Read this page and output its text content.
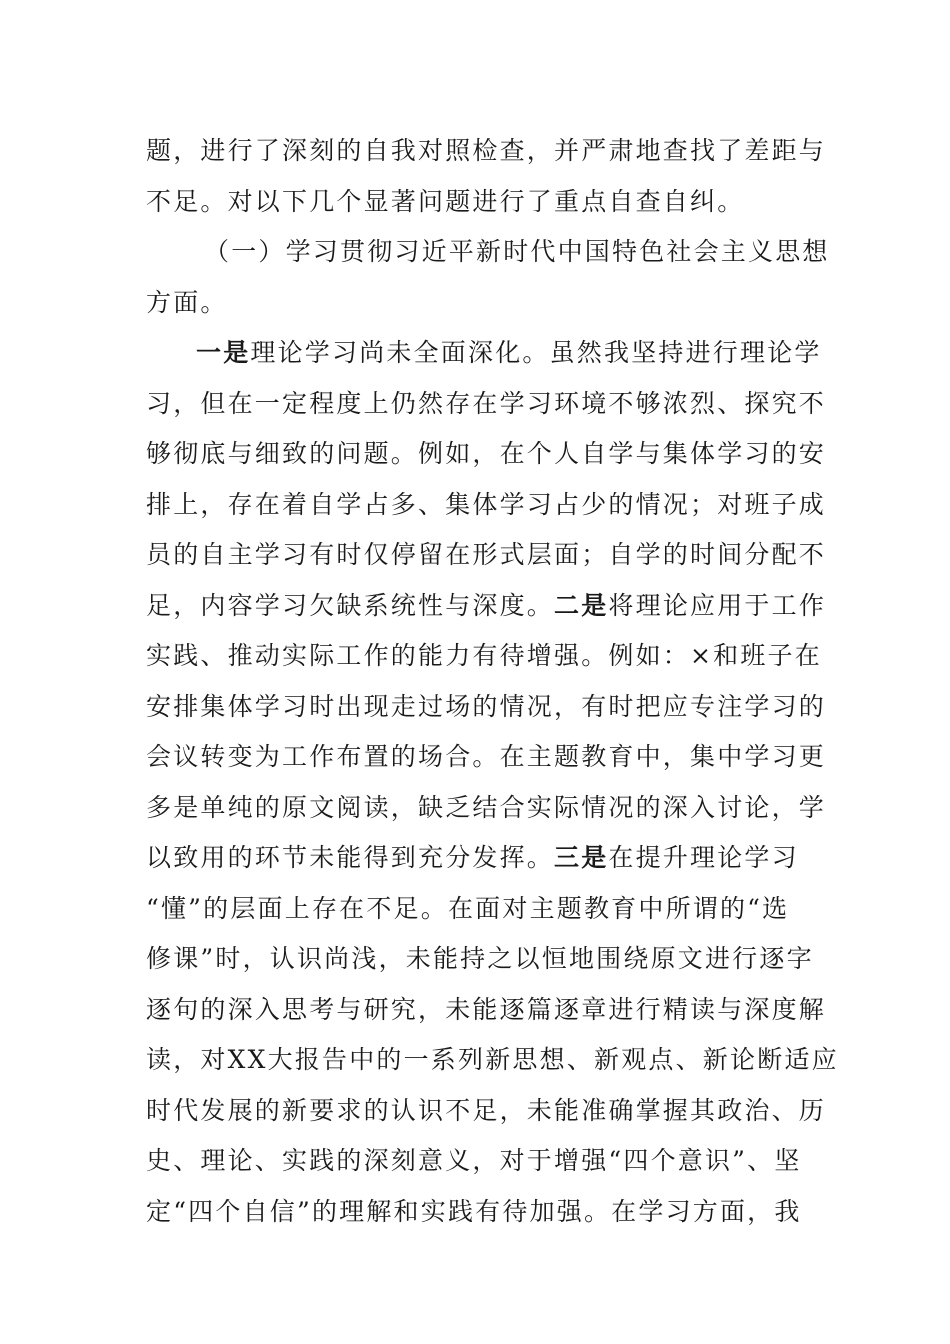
题，进行了深刻的自我对照检查，并严肃地查找了差距与
不足。对以下几个显著问题进行了重点自查自纠。
（一）学习贯彻习近平新时代中国特色社会主义思想
方面。
一是理论学习尚未全面深化。虽然我坚持进行理论学
习，但在一定程度上仍然存在学习环境不够浓烈、探究不
够彻底与细致的问题。例如，在个人自学与集体学习的安
排上，存在着自学占多、集体学习占少的情况；对班子成
员的自主学习有时仅停留在形式层面；自学的时间分配不
足，内容学习欠缺系统性与深度。二是将理论应用于工作
实践、推动实际工作的能力有待增强。例如：×和班子在
安排集体学习时出现走过场的情况，有时把应专注学习的
会议转变为工作布置的场合。在主题教育中，集中学习更
多是单纯的原文阅读，缺乏结合实际情况的深入讨论，学
以致用的环节未能得到充分发挥。三是在提升理论学习
“懂”的层面上存在不足。在面对主题教育中所谓的“选
修课”时，认识尚浅，未能持之以恒地围绕原文进行逐字
逐句的深入思考与研究，未能逐篇逐章进行精读与深度解
读，对XX大报告中的一系列新思想、新观点、新论断适应
时代发展的新要求的认识不足，未能准确掌握其政治、历
史、理论、实践的深刻意义，对于增强“四个意识”、坚
定“四个自信”的理解和实践有待加强。在学习方面，我
